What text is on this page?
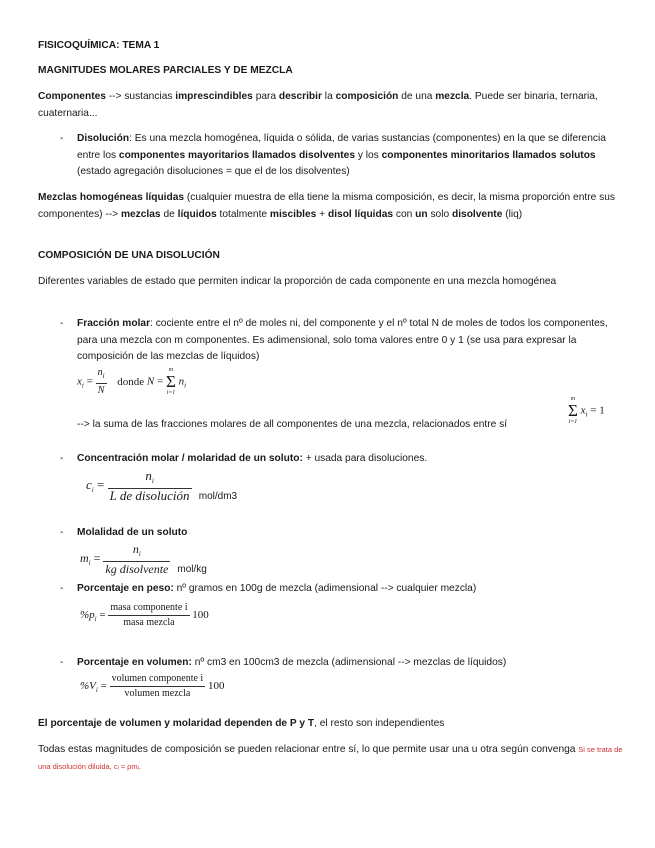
FISICOQUÍMICA: TEMA 1

MAGNITUDES MOLARES PARCIALES Y DE MEZCLA

Componentes --> sustancias imprescindibles para describir la composición de una mezcla. Puede ser binaria, ternaria, cuaternaria...

- Disolución: Es una mezcla homogénea, líquida o sólida, de varias sustancias (componentes) en la que se diferencia entre los componentes mayoritarios llamados disolventes y los componentes minoritarios llamados solutos (estado agregación disoluciones = que el de los disolventes)

Mezclas homogéneas líquidas (cualquier muestra de ella tiene la misma composición, es decir, la misma proporción entre sus componentes) --> mezclas de líquidos totalmente miscibles + disol líquidas con un solo disolvente (liq)

COMPOSICIÓN DE UNA DISOLUCIÓN

Diferentes variables de estado que permiten indicar la proporción de cada componente en una mezcla homogénea

- Fracción molar: cociente entre el nº de moles ni, del componente y el nº total N de moles de todos los componentes, para una mezcla con m componentes. Es adimensional, solo toma valores entre 0 y 1 (se usa para expresar la composición de las mezclas de líquidos)

$x_i = \frac{n_i}{N}$ donde N =
m
Σ
i=1
$n_i$

--> la suma de las fracciones molares de all componentes de una mezcla, relacionados entre sí

m
Σ
i=1
$x_i = 1$
- Concentración molar / molaridad de un soluto: + usada para disoluciones.

$c_i = \frac{n_i}{\text{L de disolución}} _{mol/dm3}$
- Molalidad de un soluto

$m_i = \frac{n_i}{\text{kg disolvente}} _{mol/kg}$
- Porcentaje en peso: nº gramos en 100g de mezcla (adimensional --> cualquier mezcla)

$\%p_i = \frac{\text{masa componente i}}{\text{masa mezcla}} 100$
- Porcentaje en volumen: nº cm3 en 100cm3 de mezcla (adimensional --> mezclas de líquidos)

$\%V_i = \frac{\text{volumen componente i}}{\text{volumen mezcla}} 100$

El porcentaje de volumen y molaridad dependen de P y T, el resto son independientes

Todas estas magnitudes de composición se pueden relacionar entre sí, lo que permite usar una u otra según convenga Si se trata de una disolución diluida, cᵢ ≈ ρmᵢ.
